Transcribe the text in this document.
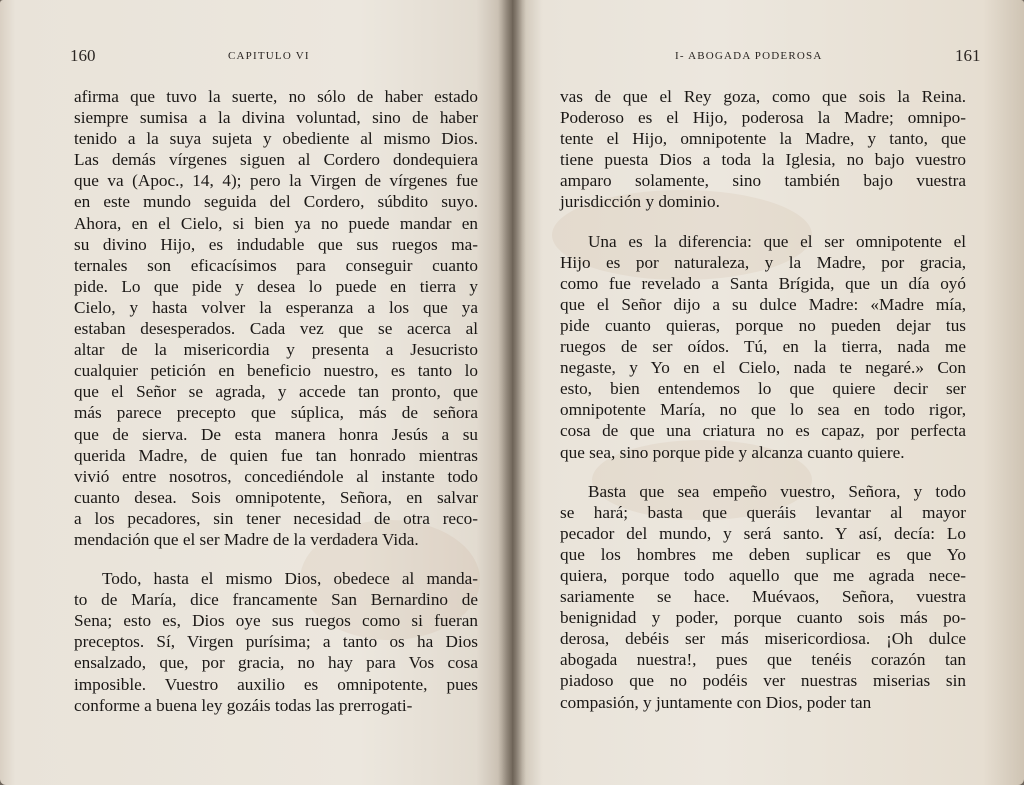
160	CAPITULO VI
afirma que tuvo la suerte, no sólo de haber estado
siempre sumisa a la divina voluntad, sino de haber
tenido a la suya sujeta y obediente al mismo Dios.
Las demás vírgenes siguen al Cordero dondequiera
que va (Apoc., 14, 4); pero la Virgen de vírgenes fue
en este mundo seguida del Cordero, súbdito suyo.
Ahora, en el Cielo, si bien ya no puede mandar en
su divino Hijo, es indudable que sus ruegos ma-
ternales son eficacísimos para conseguir cuanto
pide. Lo que pide y desea lo puede en tierra y
Cielo, y hasta volver la esperanza a los que ya
estaban desesperados. Cada vez que se acerca al
altar de la misericordia y presenta a Jesucristo
cualquier petición en beneficio nuestro, es tanto lo
que el Señor se agrada, y accede tan pronto, que
más parece precepto que súplica, más de señora
que de sierva. De esta manera honra Jesús a su
querida Madre, de quien fue tan honrado mientras
vivió entre nosotros, concediéndole al instante todo
cuanto desea. Sois omnipotente, Señora, en salvar
a los pecadores, sin tener necesidad de otra reco-
mendación que el ser Madre de la verdadera Vida.
Todo, hasta el mismo Dios, obedece al manda-
to de María, dice francamente San Bernardino de
Sena; esto es, Dios oye sus ruegos como si fueran
preceptos. Sí, Virgen purísima; a tanto os ha Dios
ensalzado, que, por gracia, no hay para Vos cosa
imposible. Vuestro auxilio es omnipotente, pues
conforme a buena ley gozáis todas las prerrogati-
I- ABOGADA PODEROSA	161
vas de que el Rey goza, como que sois la Reina.
Poderoso es el Hijo, poderosa la Madre; omnipo-
tente el Hijo, omnipotente la Madre, y tanto, que
tiene puesta Dios a toda la Iglesia, no bajo vuestro
amparo solamente, sino también bajo vuestra
jurisdicción y dominio.
Una es la diferencia: que el ser omnipotente el
Hijo es por naturaleza, y la Madre, por gracia,
como fue revelado a Santa Brígida, que un día oyó
que el Señor dijo a su dulce Madre: «Madre mía,
pide cuanto quieras, porque no pueden dejar tus
ruegos de ser oídos. Tú, en la tierra, nada me
negaste, y Yo en el Cielo, nada te negaré.» Con
esto, bien entendemos lo que quiere decir ser
omnipotente María, no que lo sea en todo rigor,
cosa de que una criatura no es capaz, por perfecta
que sea, sino porque pide y alcanza cuanto quiere.
Basta que sea empeño vuestro, Señora, y todo
se hará; basta que queráis levantar al mayor
pecador del mundo, y será santo. Y así, decía: Lo
que los hombres me deben suplicar es que Yo
quiera, porque todo aquello que me agrada nece-
sariamente se hace. Muévaos, Señora, vuestra
benignidad y poder, porque cuanto sois más po-
derosa, debéis ser más misericordiosa. ¡Oh dulce
abogada nuestra!, pues que tenéis corazón tan
piadoso que no podéis ver nuestras miserias sin
compasión, y juntamente con Dios, poder tan
